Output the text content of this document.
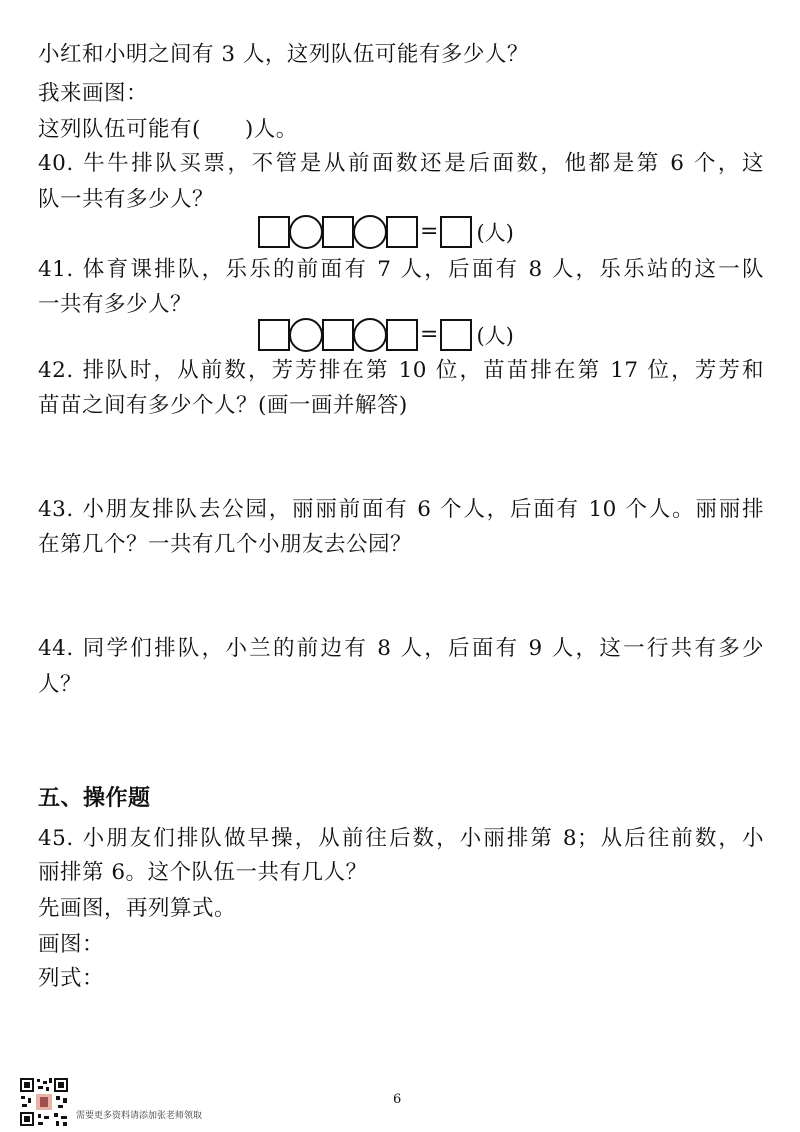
小红和小明之间有 3 人，这列队伍可能有多少人？
我来画图：
这列队伍可能有(　　)人。
40. 牛牛排队买票，不管是从前面数还是后面数，他都是第 6 个，这
队一共有多少人？
= (人)
41. 体育课排队，乐乐的前面有 7 人，后面有 8 人，乐乐站的这一队
一共有多少人？
= (人)
42. 排队时，从前数，芳芳排在第 10 位，苗苗排在第 17 位，芳芳和
苗苗之间有多少个人？(画一画并解答)
43. 小朋友排队去公园，丽丽前面有 6 个人，后面有 10 个人。丽丽排
在第几个？一共有几个小朋友去公园？
44. 同学们排队，小兰的前边有 8 人，后面有 9 人，这一行共有多少
人？
五、操作题
45. 小朋友们排队做早操，从前往后数，小丽排第 8；从后往前数，小
丽排第 6。这个队伍一共有几人？
先画图，再列算式。
画图：
列式：
6
需要更多资料请添加张老师领取
